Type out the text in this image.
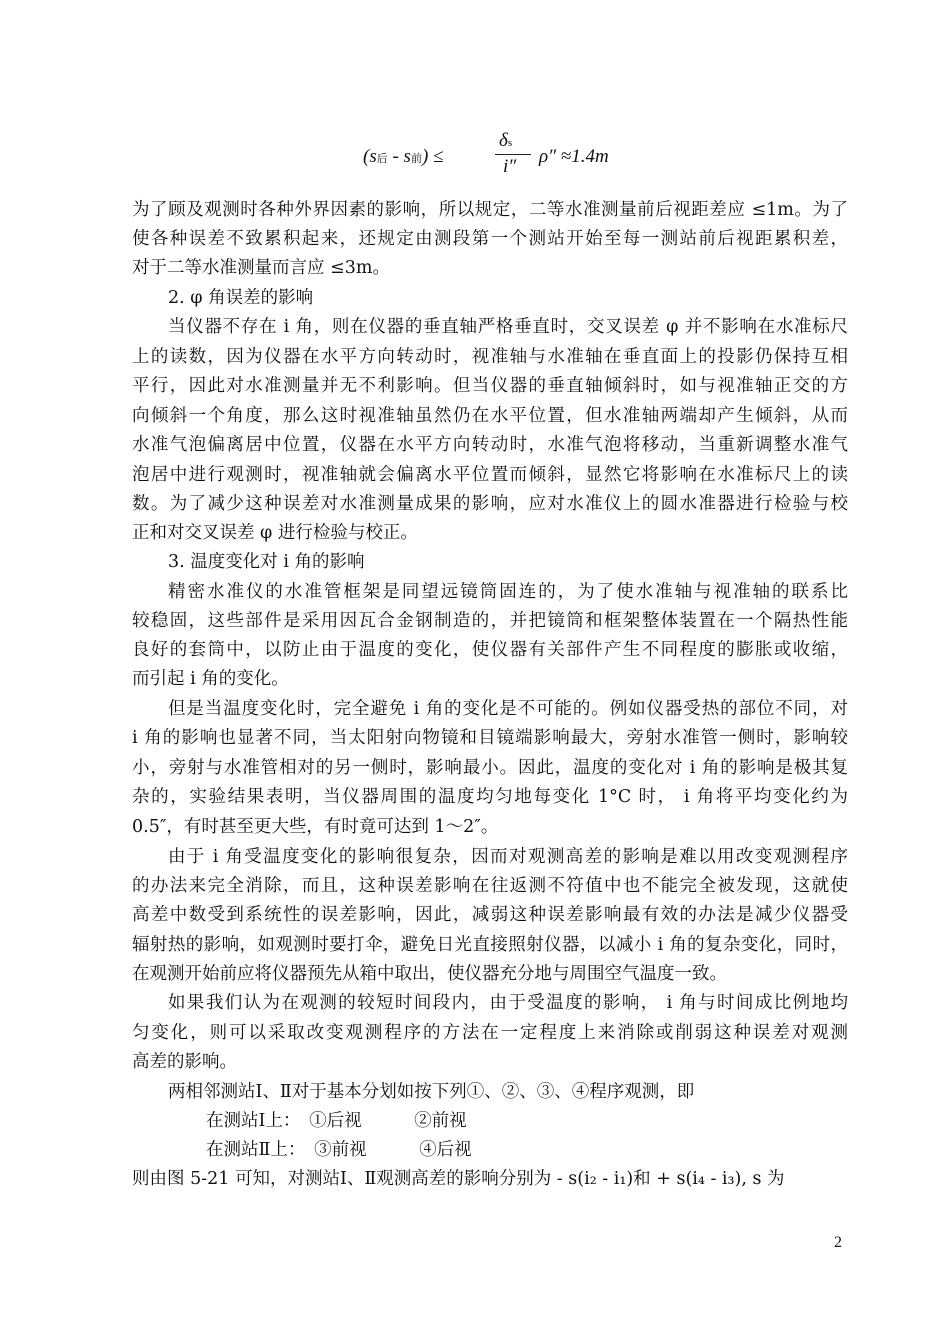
(s后 - s前) ≤
δs
i″ ρ″ ≈1.4m
为了顾及观测时各种外界因素的影响，所以规定，二等水准测量前后视距差应 ≤1m。为了
使各种误差不致累积起来，还规定由测段第一个测站开始至每一测站前后视距累积差，
对于二等水准测量而言应 ≤3m。
2. φ 角误差的影响
当仪器不存在 i 角，则在仪器的垂直轴严格垂直时，交叉误差 φ 并不影响在水准标尺
上的读数，因为仪器在水平方向转动时，视准轴与水准轴在垂直面上的投影仍保持互相
平行，因此对水准测量并无不利影响。但当仪器的垂直轴倾斜时，如与视准轴正交的方
向倾斜一个角度，那么这时视准轴虽然仍在水平位置，但水准轴两端却产生倾斜，从而
水准气泡偏离居中位置，仪器在水平方向转动时，水准气泡将移动，当重新调整水准气
泡居中进行观测时，视准轴就会偏离水平位置而倾斜，显然它将影响在水准标尺上的读
数。为了减少这种误差对水准测量成果的影响，应对水准仪上的圆水准器进行检验与校
正和对交叉误差 φ 进行检验与校正。
3. 温度变化对 i 角的影响
精密水准仪的水准管框架是同望远镜筒固连的，为了使水准轴与视准轴的联系比
较稳固，这些部件是采用因瓦合金钢制造的，并把镜筒和框架整体装置在一个隔热性能
良好的套筒中，以防止由于温度的变化，使仪器有关部件产生不同程度的膨胀或收缩，
而引起 i 角的变化。
但是当温度变化时，完全避免 i 角的变化是不可能的。例如仪器受热的部位不同，对
i 角的影响也显著不同，当太阳射向物镜和目镜端影响最大，旁射水准管一侧时，影响较
小，旁射与水准管相对的另一侧时，影响最小。因此，温度的变化对 i 角的影响是极其复
杂的，实验结果表明，当仪器周围的温度均匀地每变化 1°C 时， i 角将平均变化约为
0.5″，有时甚至更大些，有时竟可达到 1～2″。
由于 i 角受温度变化的影响很复杂，因而对观测高差的影响是难以用改变观测程序
的办法来完全消除，而且，这种误差影响在往返测不符值中也不能完全被发现，这就使
高差中数受到系统性的误差影响，因此，减弱这种误差影响最有效的办法是减少仪器受
辐射热的影响，如观测时要打伞，避免日光直接照射仪器，以减小 i 角的复杂变化，同时，
在观测开始前应将仪器预先从箱中取出，使仪器充分地与周围空气温度一致。
如果我们认为在观测的较短时间段内，由于受温度的影响， i 角与时间成比例地均
匀变化，则可以采取改变观测程序的方法在一定程度上来消除或削弱这种误差对观测
高差的影响。
两相邻测站Ⅰ、Ⅱ对于基本分划如按下列①、②、③、④程序观测，即
在测站Ⅰ上：　①后视　　　②前视
在测站Ⅱ上：　③前视　　　④后视
则由图 5-21 可知，对测站Ⅰ、Ⅱ观测高差的影响分别为 - s(i₂ - i₁)和 + s(i₄ - i₃), s 为
2
